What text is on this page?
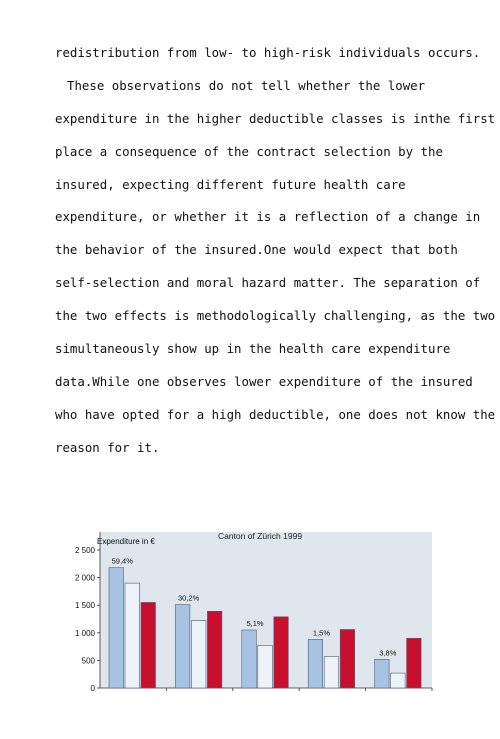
redistribution from low- to high-risk individuals occurs.
These observations do not tell whether the lower
expenditure in the higher deductible classes is inthe first
place a consequence of the contract selection by the
insured, expecting different future health care
expenditure, or whether it is a reflection of a change in
the behavior of the insured.One would expect that both
self-selection and moral hazard matter. The separation of
the two effects is methodologically challenging, as the two
simultaneously show up in the health care expenditure
data.While one observes lower expenditure of the insured
who have opted for a high deductible, one does not know the
reason for it.
Canton of Zürich 1999
Expenditure in €
0
500
1 000
1 500
2 000
2 500
59,4%
30,2%
5,1%
1,5%
3,8%
